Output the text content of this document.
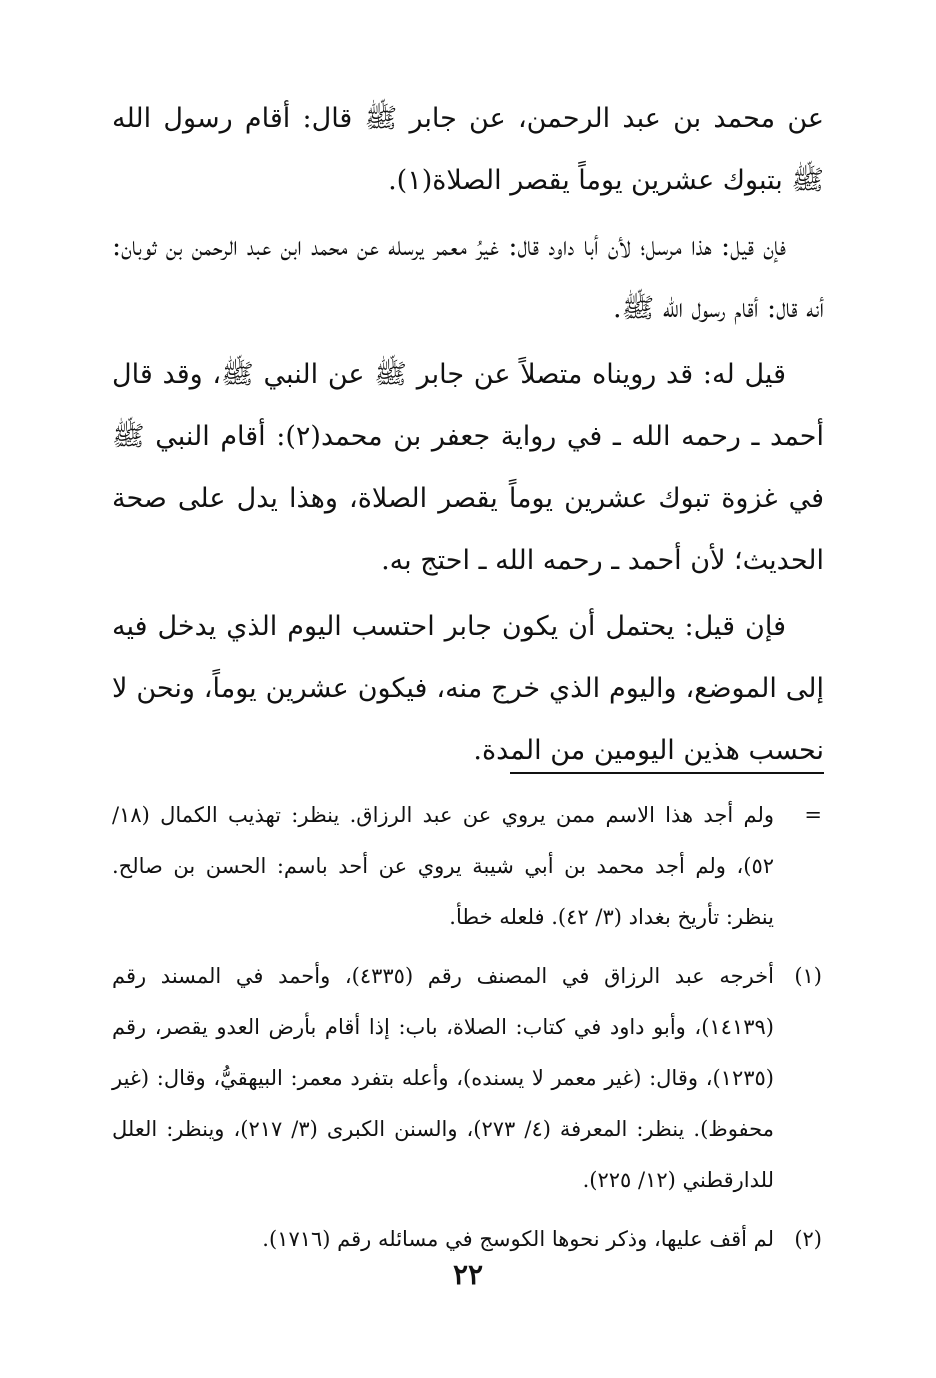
عن محمد بن عبد الرحمن، عن جابر ﷺ قال: أقام رسول الله ﷺ بتبوك عشرين يوماً يقصر الصلاة(١).

فإن قيل: هذا مرسل؛ لأن أبا داود قال: غيرُ معمر يرسله عن محمد ابن عبد الرحمن بن ثوبان: أنه قال: أقام رسول الله ﷺ.

قيل له: قد رويناه متصلاً عن جابر ﷺ عن النبي ﷺ، وقد قال أحمد ـ رحمه الله ـ في رواية جعفر بن محمد(٢): أقام النبي ﷺ في غزوة تبوك عشرين يوماً يقصر الصلاة، وهذا يدل على صحة الحديث؛ لأن أحمد ـ رحمه الله ـ احتج به.

فإن قيل: يحتمل أن يكون جابر احتسب اليوم الذي يدخل فيه إلى الموضع، واليوم الذي خرج منه، فيكون عشرين يوماً، ونحن لا نحسب هذين اليومين من المدة.

=
ولم أجد هذا الاسم ممن يروي عن عبد الرزاق. ينظر: تهذيب الكمال (١٨/ ٥٢)، ولم أجد محمد بن أبي شيبة يروي عن أحد باسم: الحسن بن صالح. ينظر: تأريخ بغداد (٣/ ٤٢). فلعله خطأ.
(١)
أخرجه عبد الرزاق في المصنف رقم (٤٣٣٥)، وأحمد في المسند رقم (١٤١٣٩)، وأبو داود في كتاب: الصلاة، باب: إذا أقام بأرض العدو يقصر، رقم (١٢٣٥)، وقال: (غير معمر لا يسنده)، وأعله بتفرد معمر: البيهقيُّ، وقال: (غير محفوظ). ينظر: المعرفة (٤/ ٢٧٣)، والسنن الكبرى (٣/ ٢١٧)، وينظر: العلل للدارقطني (١٢/ ٢٢٥).
(٢)
لم أقف عليها، وذكر نحوها الكوسج في مسائله رقم (١٧١٦).
٢٢
